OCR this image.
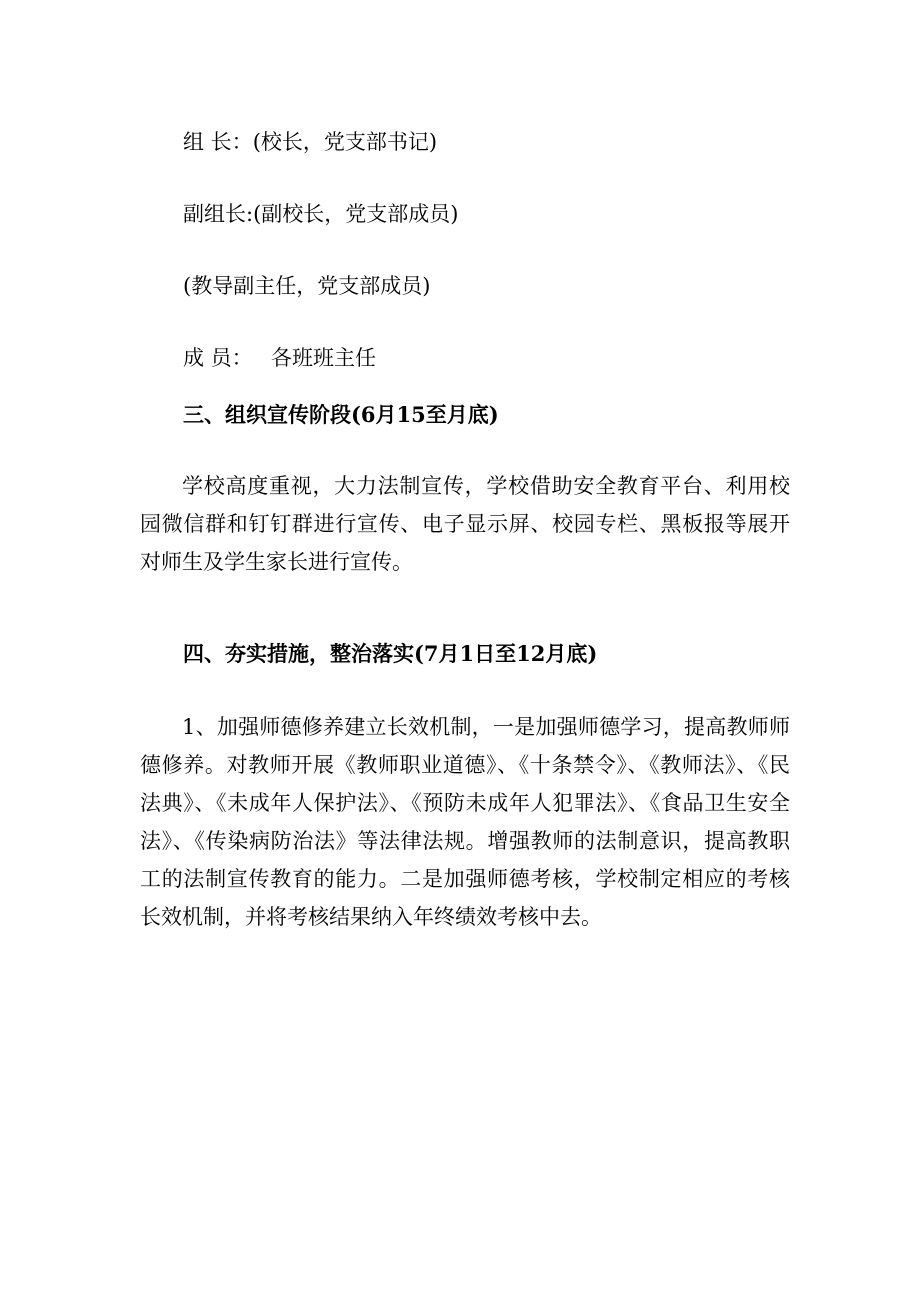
组 长：(校长，党支部书记)
副组长:(副校长，党支部成员)
(教导副主任，党支部成员)
成 员： 各班班主任
三、组织宣传阶段(6月15至月底)
学校高度重视，大力法制宣传，学校借助安全教育平台、利用校园微信群和钉钉群进行宣传、电子显示屏、校园专栏、黑板报等展开对师生及学生家长进行宣传。
四、夯实措施，整治落实(7月1日至12月底)
1、加强师德修养建立长效机制，一是加强师德学习，提高教师师德修养。对教师开展《教师职业道德》、《十条禁令》、《教师法》、《民法典》、《未成年人保护法》、《预防未成年人犯罪法》、《食品卫生安全法》、《传染病防治法》等法律法规。增强教师的法制意识，提高教职工的法制宣传教育的能力。二是加强师德考核，学校制定相应的考核长效机制，并将考核结果纳入年终绩效考核中去。
